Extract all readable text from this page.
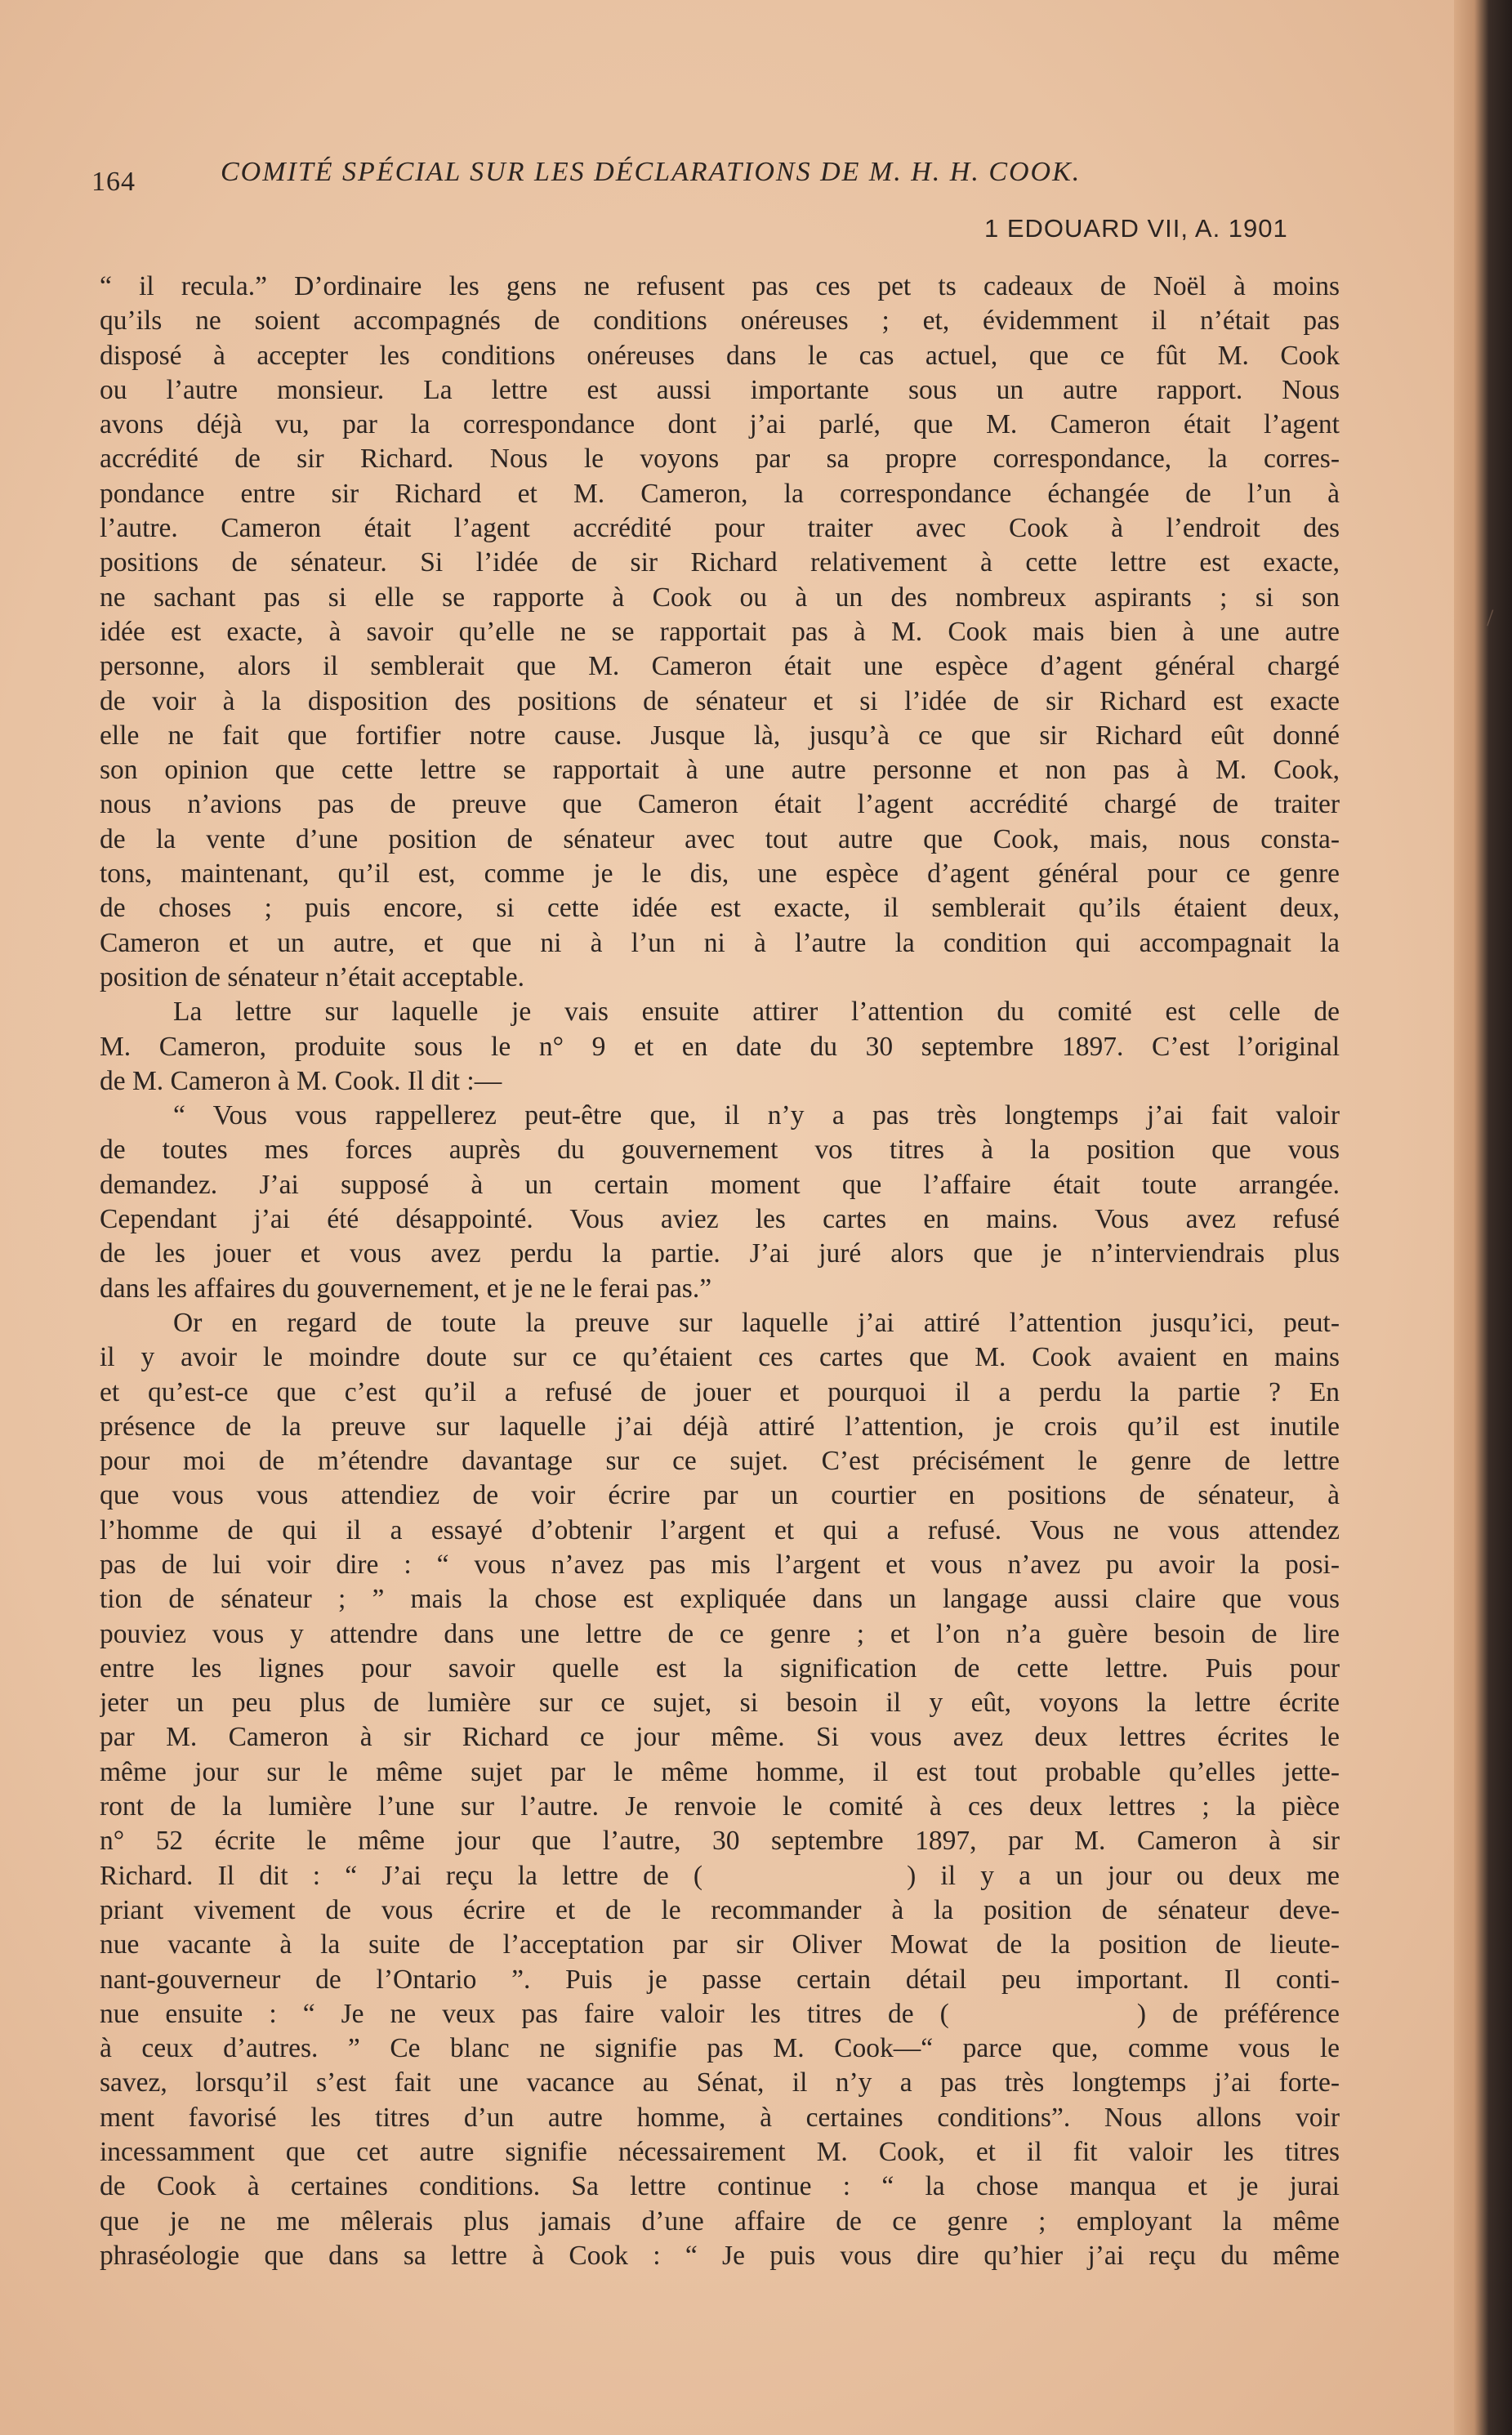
164	COMITÉ SPÉCIAL SUR LES DÉCLARATIONS DE M. H. H. COOK.
1 EDOUARD VII, A. 1901
/
“ il recula.” D’ordinaire les gens ne refusent pas ces pet ts cadeaux de Noël à moins
qu’ils ne soient accompagnés de conditions onéreuses ; et, évidemment il n’était pas
disposé à accepter les conditions onéreuses dans le cas actuel, que ce fût M. Cook
ou l’autre monsieur. La lettre est aussi importante sous un autre rapport. Nous
avons déjà vu, par la correspondance dont j’ai parlé, que M. Cameron était l’agent
accrédité de sir Richard. Nous le voyons par sa propre correspondance, la corres-
pondance entre sir Richard et M. Cameron, la correspondance échangée de l’un à
l’autre. Cameron était l’agent accrédité pour traiter avec Cook à l’endroit des
positions de sénateur. Si l’idée de sir Richard relativement à cette lettre est exacte,
ne sachant pas si elle se rapporte à Cook ou à un des nombreux aspirants ; si son
idée est exacte, à savoir qu’elle ne se rapportait pas à M. Cook mais bien à une autre
personne, alors il semblerait que M. Cameron était une espèce d’agent général chargé
de voir à la disposition des positions de sénateur et si l’idée de sir Richard est exacte
elle ne fait que fortifier notre cause. Jusque là, jusqu’à ce que sir Richard eût donné
son opinion que cette lettre se rapportait à une autre personne et non pas à M. Cook,
nous n’avions pas de preuve que Cameron était l’agent accrédité chargé de traiter
de la vente d’une position de sénateur avec tout autre que Cook, mais, nous consta-
tons, maintenant, qu’il est, comme je le dis, une espèce d’agent général pour ce genre
de choses ; puis encore, si cette idée est exacte, il semblerait qu’ils étaient deux,
Cameron et un autre, et que ni à l’un ni à l’autre la condition qui accompagnait la
position de sénateur n’était acceptable.
La lettre sur laquelle je vais ensuite attirer l’attention du comité est celle de
M. Cameron, produite sous le n° 9 et en date du 30 septembre 1897. C’est l’original
de M. Cameron à M. Cook. Il dit :—
“ Vous vous rappellerez peut-être que, il n’y a pas très longtemps j’ai fait valoir
de toutes mes forces auprès du gouvernement vos titres à la position que vous
demandez. J’ai supposé à un certain moment que l’affaire était toute arrangée.
Cependant j’ai été désappointé. Vous aviez les cartes en mains. Vous avez refusé
de les jouer et vous avez perdu la partie. J’ai juré alors que je n’interviendrais plus
dans les affaires du gouvernement, et je ne le ferai pas.”
Or en regard de toute la preuve sur laquelle j’ai attiré l’attention jusqu’ici, peut-
il y avoir le moindre doute sur ce qu’étaient ces cartes que M. Cook avaient en mains
et qu’est-ce que c’est qu’il a refusé de jouer et pourquoi il a perdu la partie ? En
présence de la preuve sur laquelle j’ai déjà attiré l’attention, je crois qu’il est inutile
pour moi de m’étendre davantage sur ce sujet. C’est précisément le genre de lettre
que vous vous attendiez de voir écrire par un courtier en positions de sénateur, à
l’homme de qui il a essayé d’obtenir l’argent et qui a refusé. Vous ne vous attendez
pas de lui voir dire : “ vous n’avez pas mis l’argent et vous n’avez pu avoir la posi-
tion de sénateur ; ” mais la chose est expliquée dans un langage aussi claire que vous
pouviez vous y attendre dans une lettre de ce genre ; et l’on n’a guère besoin de lire
entre les lignes pour savoir quelle est la signification de cette lettre. Puis pour
jeter un peu plus de lumière sur ce sujet, si besoin il y eût, voyons la lettre écrite
par M. Cameron à sir Richard ce jour même. Si vous avez deux lettres écrites le
même jour sur le même sujet par le même homme, il est tout probable qu’elles jette-
ront de la lumière l’une sur l’autre. Je renvoie le comité à ces deux lettres ; la pièce
n° 52 écrite le même jour que l’autre, 30 septembre 1897, par M. Cameron à sir
Richard. Il dit : “ J’ai reçu la lettre de (	) il y a un jour ou deux me
priant vivement de vous écrire et de le recommander à la position de sénateur deve-
nue vacante à la suite de l’acceptation par sir Oliver Mowat de la position de lieute-
nant-gouverneur de l’Ontario ”. Puis je passe certain détail peu important. Il conti-
nue ensuite : “ Je ne veux pas faire valoir les titres de (	) de préférence
à ceux d’autres. ” Ce blanc ne signifie pas M. Cook—“ parce que, comme vous le
savez, lorsqu’il s’est fait une vacance au Sénat, il n’y a pas très longtemps j’ai forte-
ment favorisé les titres d’un autre homme, à certaines conditions”. Nous allons voir
incessamment que cet autre signifie nécessairement M. Cook, et il fit valoir les titres
de Cook à certaines conditions. Sa lettre continue : “ la chose manqua et je jurai
que je ne me mêlerais plus jamais d’une affaire de ce genre ; employant la même
phraséologie que dans sa lettre à Cook : “ Je puis vous dire qu’hier j’ai reçu du même
